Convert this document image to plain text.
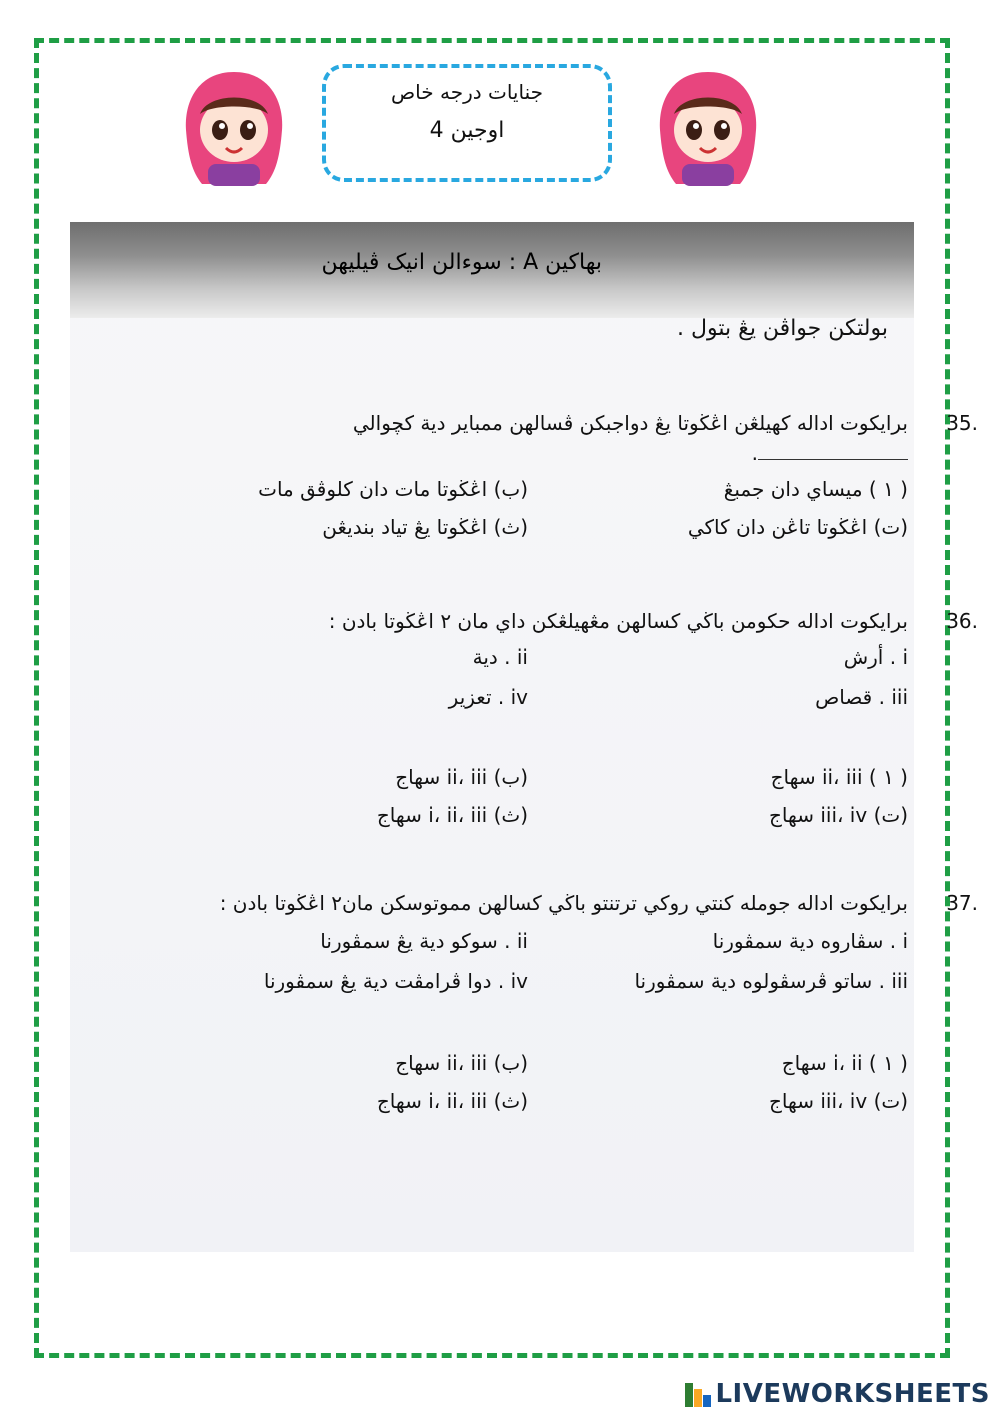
جنايات درجه خاص
اوجين 4
بهاكين A : سوءالن انيک ڤيليهن
بولتكن جواڤن يڠ بتول .
35.
برايكوت اداله كهيلڠن اڠڬوتا يڠ دواجبكن ڤسالهن ممباير دية كچوالي
.
( ١ ) ميساي دان جمبڠ
(ب) اڠڬوتا مات دان كلوڤق مات
(ت) اڠڬوتا تاڠن دان كاكي
(ث) اڠڬوتا يڠ تياد بنديڠن
36.
برايكوت اداله حكومن باڬي كسالهن مڠهيلڠكن داي مان ٢ اڠڬوتا بادن :
i . أرش
ii . دية
iii . قصاص
iv . تعزير
( ١ ) ii، iii سهاج
(ب) ii، iii سهاج
(ت) iii، iv سهاج
(ث) i، ii، iii سهاج
37.
برايكوت اداله جومله كنتي روكي ترتنتو باڬي كسالهن مموتوسكن مان٢ اڠڬوتا بادن :
i . سڤاروه دية سمڤورنا
ii . سوكو دية يڠ سمڤورنا
iii . ساتو ڤرسڤولوه دية سمڤورنا
iv . دوا ڤرامڤت دية يڠ سمڤورنا
( ١ ) i، ii سهاج
(ب) ii، iii سهاج
(ت) iii، iv سهاج
(ث) i، ii، iii سهاج
LIVEWORKSHEETS
